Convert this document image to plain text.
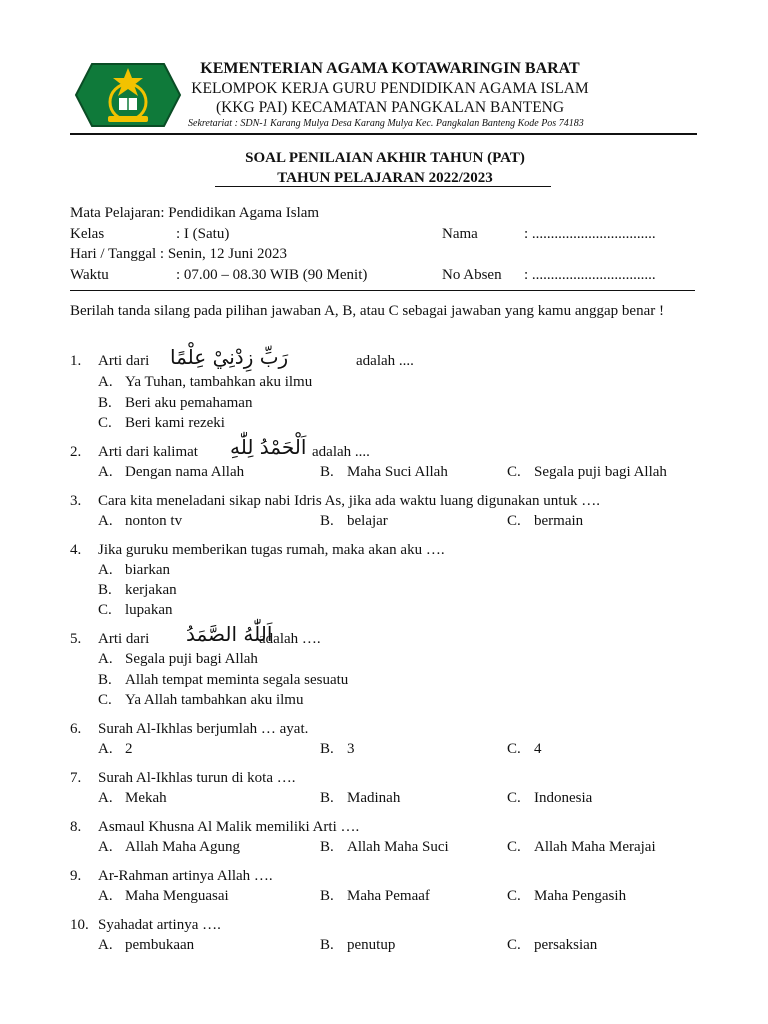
KEMENTERIAN AGAMA KOTAWARINGIN BARAT
KELOMPOK KERJA GURU PENDIDIKAN AGAMA ISLAM
(KKG PAI) KECAMATAN PANGKALAN BANTENG
Sekretariat : SDN-1 Karang Mulya Desa Karang Mulya Kec. Pangkalan Banteng Kode Pos 74183
SOAL PENILAIAN AKHIR TAHUN (PAT)
TAHUN PELAJARAN 2022/2023
Mata Pelajaran: Pendidikan Agama Islam
Kelas	: I (Satu)
Hari / Tanggal : Senin, 12 Juni 2023
Waktu	: 07.00 – 08.30 WIB (90 Menit)
Nama	: .................................
No Absen : .................................
Berilah tanda silang pada pilihan jawaban A, B, atau C sebagai jawaban yang kamu anggap benar !
1. Arti dari رَبِّ زِدْنِيْ عِلْمًا	adalah ....
A. Ya Tuhan, tambahkan aku ilmu
B. Beri aku pemahaman
C. Beri kami rezeki
2. Arti dari kalimat اَلْحَمْدُ لِلّٰهِ adalah ....
A. Dengan nama Allah	B. Maha Suci Allah	C. Segala puji bagi Allah
3. Cara kita meneladani sikap nabi Idris As, jika ada waktu luang digunakan untuk ….
A. nonton tv	B. belajar	C. bermain
4. Jika guruku memberikan tugas rumah, maka akan aku ….
A. biarkan
B. kerjakan
C. lupakan
5. Arti dari اَللّٰهُ الصَّمَدُ
adalah ….
A. Segala puji bagi Allah
B. Allah tempat meminta segala sesuatu
C. Ya Allah tambahkan aku ilmu
6. Surah Al-Ikhlas berjumlah … ayat.
A. 2	B. 3	C. 4
7. Surah Al-Ikhlas turun di kota ….
A. Mekah	B. Madinah	C. Indonesia
8. Asmaul Khusna Al Malik memiliki Arti ….
A. Allah Maha Agung	B. Allah Maha Suci	C. Allah Maha Merajai
9. Ar-Rahman artinya Allah ….
A. Maha Menguasai	B. Maha Pemaaf	C. Maha Pengasih
10. Syahadat artinya ….
A. pembukaan	B. penutup	C. persaksian
